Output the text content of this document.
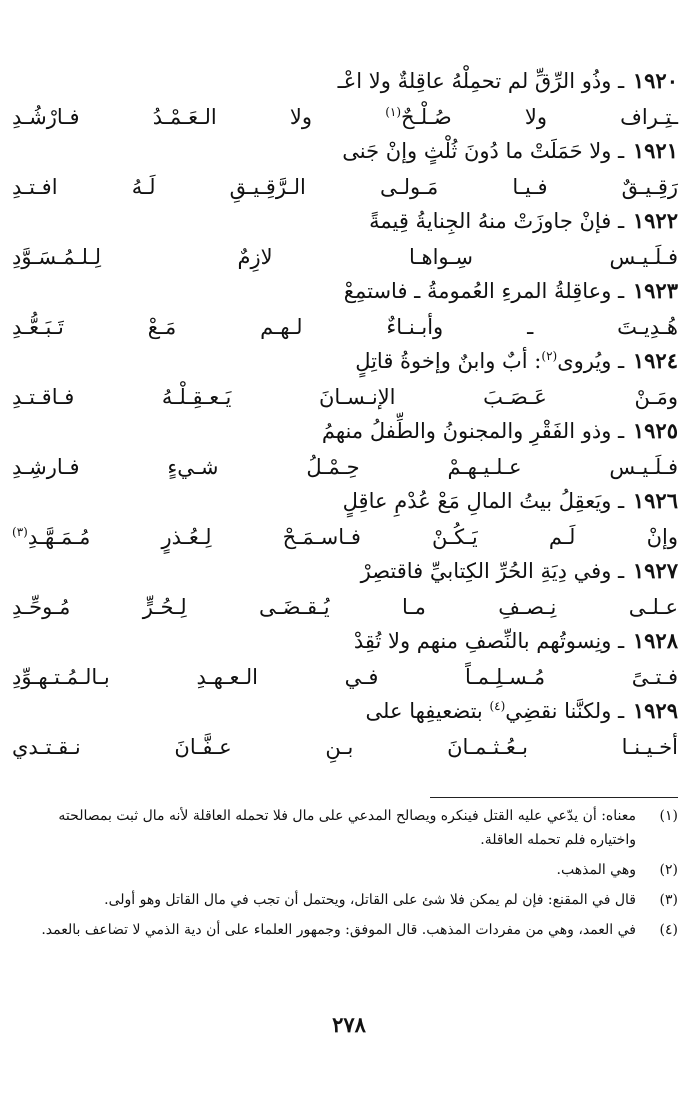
١٩٢٠ ـ وذُو الرِّقِّ لم تحمِلْهُ عاقِلةٌ ولا اعْـ
ـتِـراف ولا صُـلْـحٌ$^{(١)}$ ولا الـعَـمْـدُ فـارْشُـدِ
١٩٢١ ـ ولا حَمَلَتْ ما دُونَ ثُلْثٍ وإنْ جَنى
رَقِـيـقٌ فـيـا مَـولـى الـرَّقِـيـقِ لَـهُ افـتـدِ
١٩٢٢ ـ فإنْ جاوزَتْ منهُ الجِنايةُ قِيمةً
فـلَـيـس سِـواهـا لازِمٌ لِـلـمُـسَـوَّدِ
١٩٢٣ ـ وعاقِلةُ المرءِ العُمومةُ ـ فاستمِعْ
هُـدِيـتَ ـ وأبـنـاءٌ لـهـم مَـعْ تَـبَـعُّـدِ
١٩٢٤ ـ ويُروى$^{(٢)}$: أبٌ وابنٌ وإخوةُ قاتِلٍ
ومَـنْ عَـصَـبَ الإنـسـانَ يَـعـقِـلْـهُ فـاقـتـدِ
١٩٢٥ ـ وذو الفَقْرِ والمجنونُ والطِّفلُ منهمُ
فـلَـيـس عـلـيـهـمْ حِـمْـلُ شـيءٍ فـارشِـدِ
١٩٢٦ ـ ويَعقِلُ بيتُ المالِ مَعْ عُدْمِ عاقِلٍ
وإنْ لَـم يَـكُـنْ فـاسـمَـحْ لِـعُـذرٍ مُـمَـهَّـدِ$^{(٣)}$
١٩٢٧ ـ وفي دِيَةِ الحُرِّ الكِتابيِّ فاقتصِرْ
عـلـى نِـصـفِ مـا يُـقـضَـى لِـحُـرٍّ مُـوحِّـدِ
١٩٢٨ ـ ونِسوتُهم بالنِّصفِ منهم ولا تُقِدْ
فـتـىً مُـسـلِـمـاً فـي الـعـهـدِ بـالـمُـتـهـوِّدِ
١٩٢٩ ـ ولكنَّنا نقضِي$^{(٤)}$ بتضعيفِها على
أخـيـنـا بـعُـثـمـانَ بـنِ عـفَّـانَ نـقـتـدي
(١)
معناه: أن يدّعي عليه القتل فينكره ويصالح المدعي على مال فلا تحمله العاقلة لأنه مال ثبت بمصالحته واختياره فلم تحمله العاقلة.
(٢)
وهي المذهب.
(٣)
قال في المقنع: فإن لم يمكن فلا شئ على القاتل، ويحتمل أن تجب في مال القاتل وهو أولى.
(٤)
في العمد، وهي من مفردات المذهب. قال الموفق: وجمهور العلماء على أن دية الذمي لا تضاعف بالعمد.
٢٧٨
